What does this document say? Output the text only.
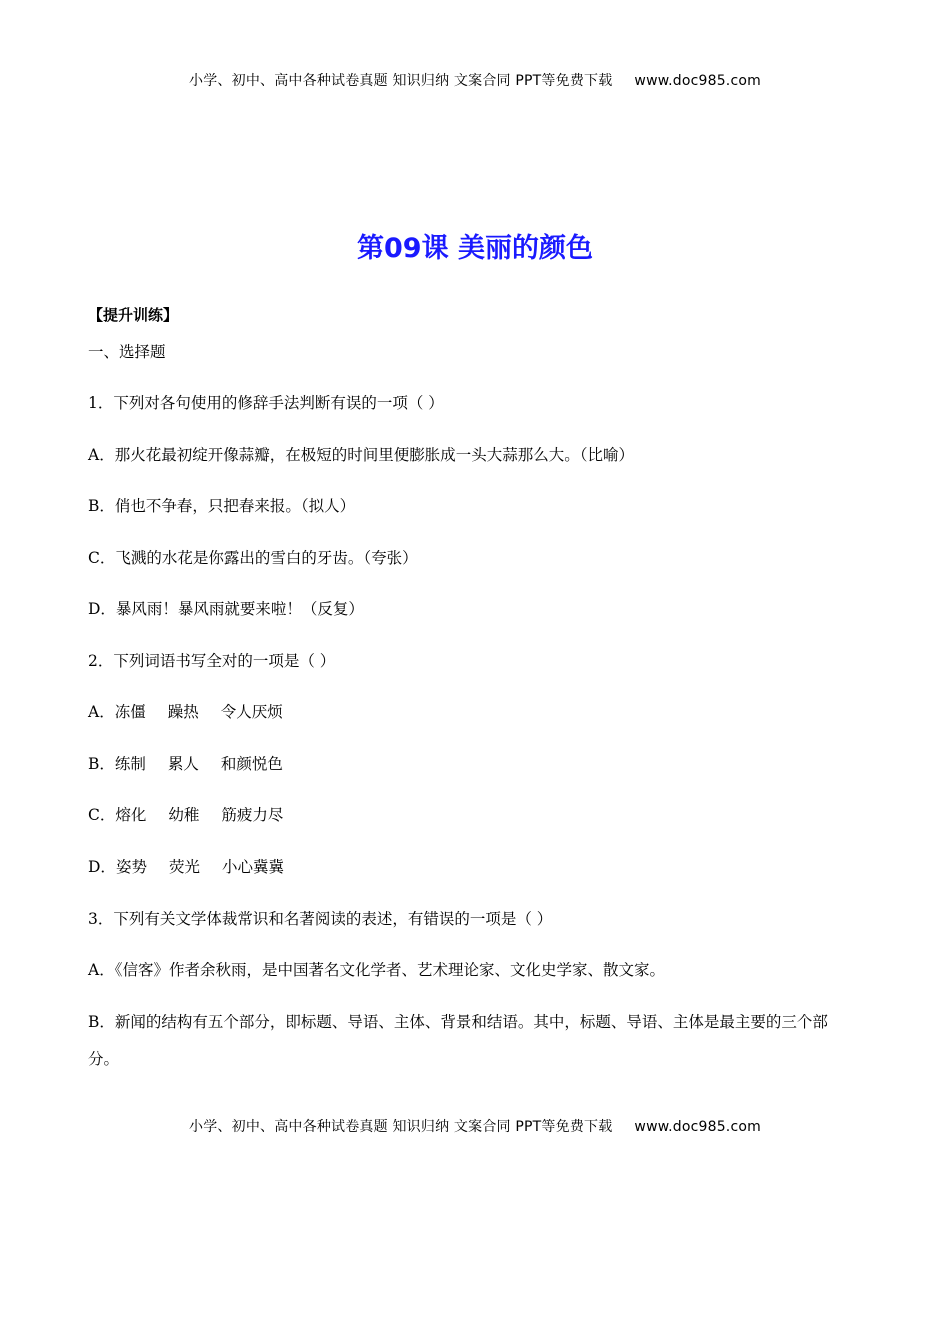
小学、初中、高中各种试卷真题 知识归纳 文案合同 PPT等免费下载 www.doc985.com
第09课 美丽的颜色
【提升训练】
一、选择题
1．下列对各句使用的修辞手法判断有误的一项（ ）
A．那火花最初绽开像蒜瓣，在极短的时间里便膨胀成一头大蒜那么大。（比喻）
B．俏也不争春，只把春来报。（拟人）
C．飞溅的水花是你露出的雪白的牙齿。（夸张）
D．暴风雨！暴风雨就要来啦！（反复）
2．下列词语书写全对的一项是（ ）
A．冻僵 躁热 令人厌烦
B．练制 累人 和颜悦色
C．熔化 幼稚 筋疲力尽
D．姿势 荧光 小心冀冀
3．下列有关文学体裁常识和名著阅读的表述，有错误的一项是（ ）
A．《信客》作者余秋雨，是中国著名文化学者、艺术理论家、文化史学家、散文家。
B．新闻的结构有五个部分，即标题、导语、主体、背景和结语。其中，标题、导语、主体是最主要的三个部分。
小学、初中、高中各种试卷真题 知识归纳 文案合同 PPT等免费下载 www.doc985.com
